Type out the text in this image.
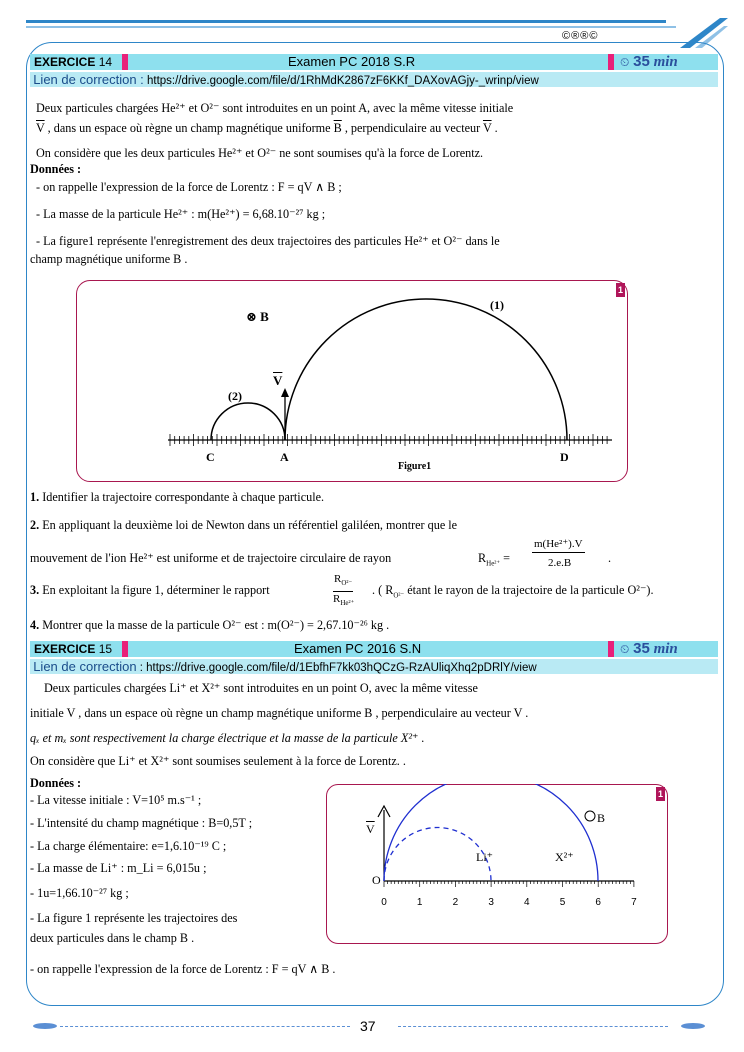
©®®©
EXERCICE 14	Examen PC 2018 S.R	⏲ 35 min
Lien de correction : https://drive.google.com/file/d/1RhMdK2867zF6KKf_DAXovAGjy-_wrinp/view
Deux particules chargées He²⁺ et O²⁻ sont introduites en un point A, avec la même vitesse initiale
$\overline{V}$ , dans un espace où règne un champ magnétique uniforme $\overline{B}$ , perpendiculaire au vecteur $\overline{V}$ .
On considère que les deux particules He²⁺ et O²⁻ ne sont soumises qu'à la force de Lorentz.
Données :
- on rappelle l'expression de la force de Lorentz : F = qV ∧ B ;
- La masse de la particule He²⁺ : m(He²⁺) = 6,68.10⁻²⁷ kg ;
- La figure1 représente l'enregistrement des deux trajectoires des particules He²⁺ et O²⁻ dans le
champ magnétique uniforme B .
1
⊗ B
$\overline{V}$
(1)
(2)
C	A	D
Figure1
1. Identifier la trajectoire correspondante à chaque particule.
2. En appliquant la deuxième loi de Newton dans un référentiel galiléen, montrer que le
mouvement de l'ion He²⁺ est uniforme et de trajectoire circulaire de rayon	$R_{He^{2+}}$ =
m(He²⁺).V
2.e.B	.
3. En exploitant la figure 1, déterminer le rapport
$R_{O^{2-}}$
$R_{He^{2+}}$
. ( $R_{O^{2-}}$ étant le rayon de la trajectoire de la particule O²⁻).
4. Montrer que la masse de la particule O²⁻ est : m(O²⁻) = 2,67.10⁻²⁶ kg .
EXERCICE 15	Examen PC 2016 S.N	⏲ 35 min
Lien de correction : https://drive.google.com/file/d/1EbfhF7kk03hQCzG-RzAUliqXhq2pDRlY/view
Deux particules chargées Li⁺ et X²⁺ sont introduites en un point O, avec la même vitesse
initiale V , dans un espace où règne un champ magnétique uniforme B , perpendiculaire au vecteur V .
qₓ et mₓ sont respectivement la charge électrique et la masse de la particule X²⁺ .
On considère que Li⁺ et X²⁺ sont soumises seulement à la force de Lorentz. .
Données :
- La vitesse initiale : V=10⁵ m.s⁻¹ ;
- L'intensité du champ magnétique : B=0,5T ;
- La charge élémentaire: e=1,6.10⁻¹⁹ C ;
- La masse de Li⁺ : m_Li = 6,015u ;
- 1u=1,66.10⁻²⁷ kg ;
- La figure 1 représente les trajectoires des
deux particules dans le champ B .
- on rappelle l'expression de la force de Lorentz : F = qV ∧ B .
1
0	1	2	3	4	5	6	7
$\overline{V}$
B
Li⁺	X²⁺
O
37
